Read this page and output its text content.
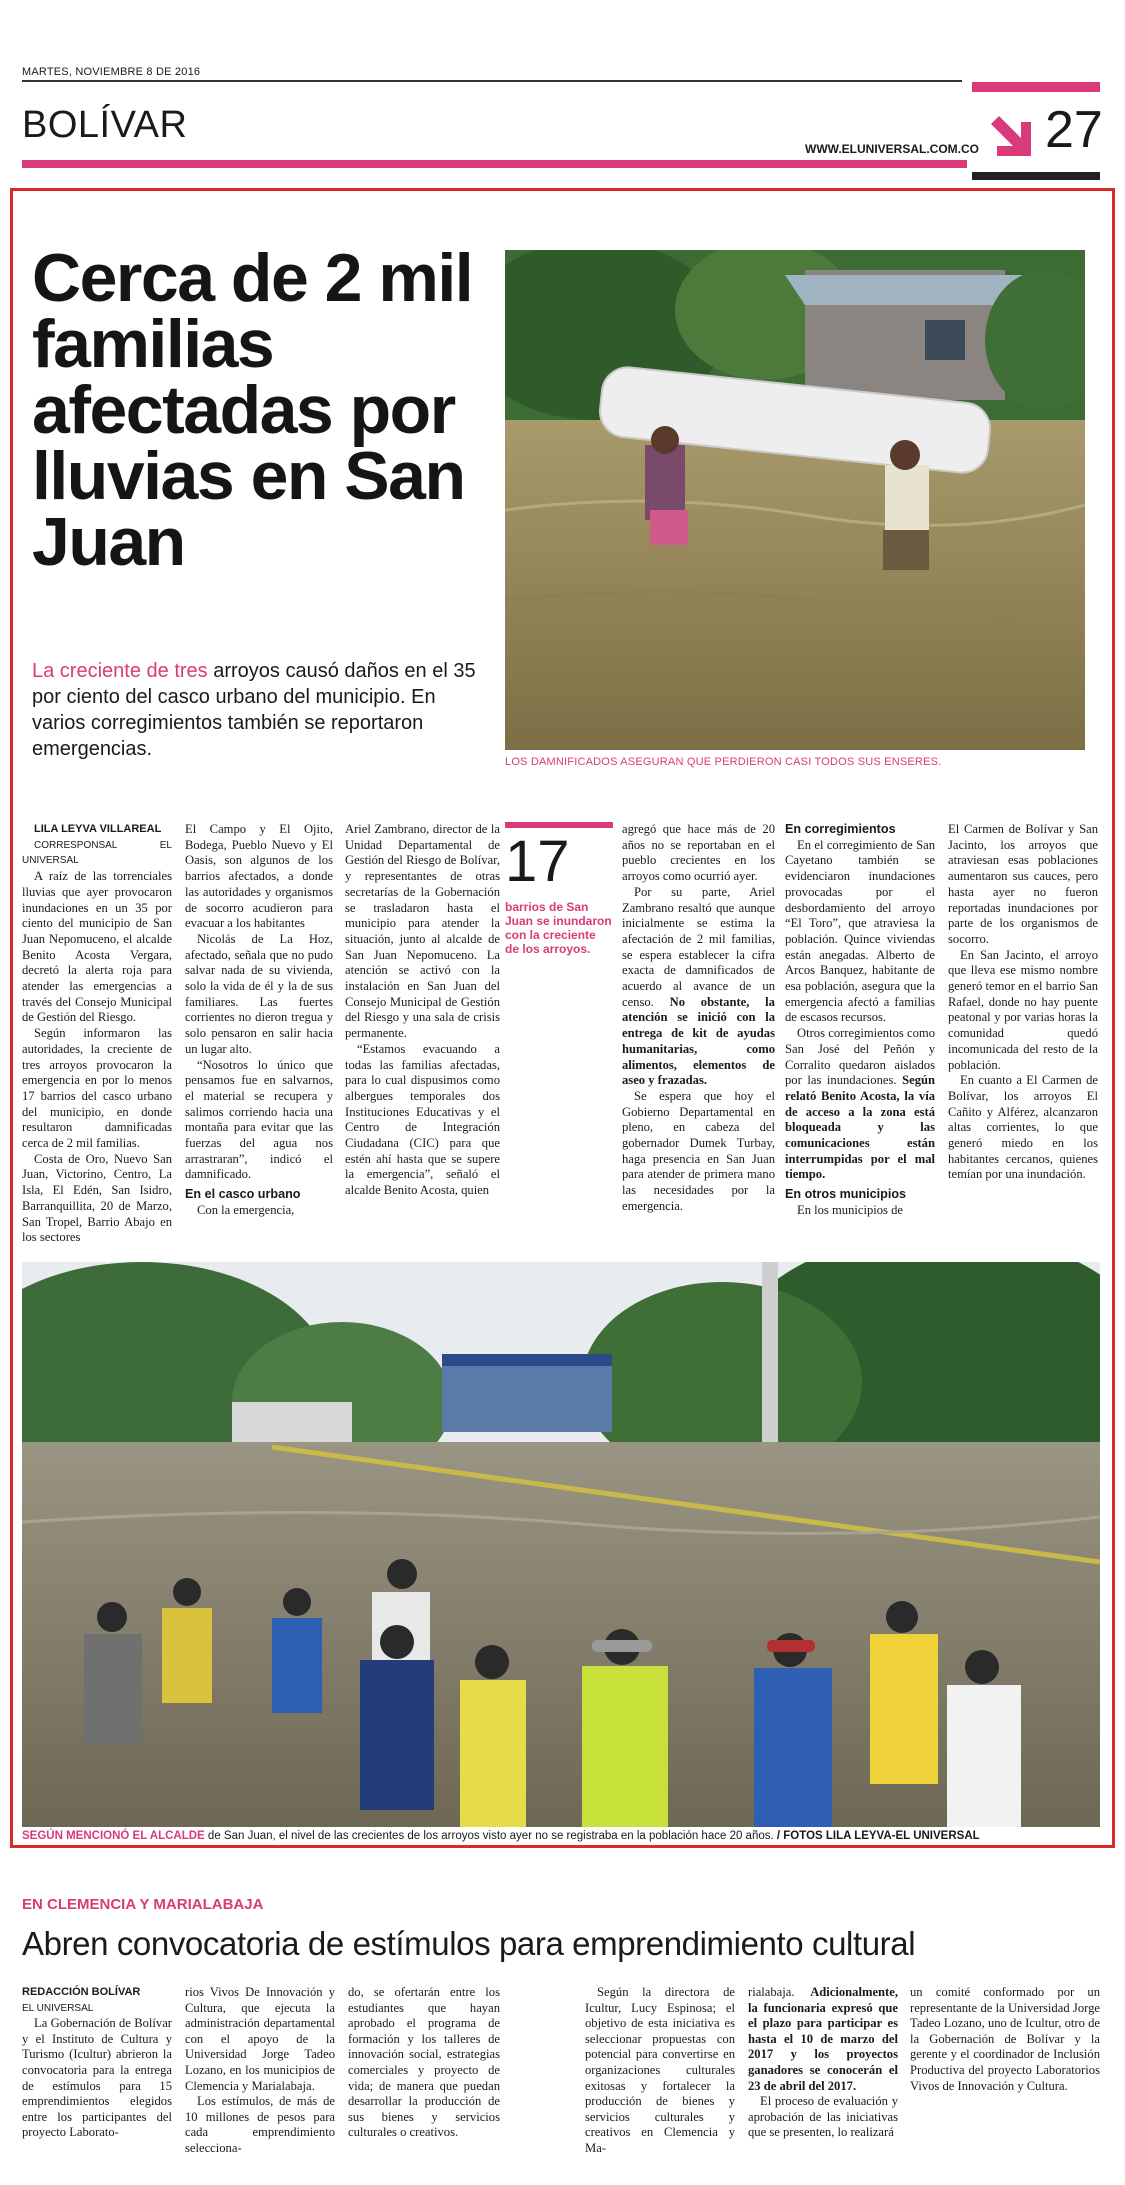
MARTES, NOVIEMBRE 8 DE 2016
BOLÍVAR
WWW.ELUNIVERSAL.COM.CO 27
Cerca de 2 mil familias afectadas por lluvias en San Juan
La creciente de tres arroyos causó daños en el 35 por ciento del casco urbano del municipio. En varios corregimientos también se reportaron emergencias.
LOS DAMNIFICADOS ASEGURAN QUE PERDIERON CASI TODOS SUS ENSERES.

LILA LEYVA VILLAREAL

CORRESPONSAL EL UNIVERSAL

A raíz de las torrenciales lluvias que ayer provocaron inundaciones en un 35 por ciento del municipio de San Juan Nepomuceno, el alcalde Benito Acosta Vergara, decretó la alerta roja para atender las emergencias a través del Consejo Municipal de Gestión del Riesgo.

Según informaron las autoridades, la creciente de tres arroyos provocaron la emergencia en por lo menos 17 barrios del casco urbano del municipio, en donde resultaron damnificadas cerca de 2 mil familias.

Costa de Oro, Nuevo San Juan, Victorino, Centro, La Isla, El Edén, San Isidro, Barranquillita, 20 de Marzo, San Tropel, Barrio Abajo en los sectores

El Campo y El Ojito, Bodega, Pueblo Nuevo y El Oasis, son algunos de los barrios afectados, a donde las autoridades y organismos de socorro acudieron para evacuar a los habitantes

Nicolás de La Hoz, afectado, señala que no pudo salvar nada de su vivienda, solo la vida de él y la de sus familiares. Las fuertes corrientes no dieron tregua y solo pensaron en salir hacia un lugar alto.

“Nosotros lo único que pensamos fue en salvarnos, el material se recupera y salimos corriendo hacia una montaña para evitar que las fuerzas del agua nos arrastraran”, indicó el damnificado.

En el casco urbano

Con la emergencia,

Ariel Zambrano, director de la Unidad Departamental de Gestión del Riesgo de Bolívar, y representantes de otras secretarías de la Gobernación se trasladaron hasta el municipio para atender la situación, junto al alcalde de San Juan Nepomuceno. La atención se activó con la instalación en San Juan del Consejo Municipal de Gestión del Riesgo y una sala de crisis permanente.

“Estamos evacuando a todas las familias afectadas, para lo cual dispusimos como albergues temporales dos Instituciones Educativas y el Centro de Integración Ciudadana (CIC) para que estén ahí hasta que se supere la emergencia”, señaló el alcalde Benito Acosta, quien

17
barrios de San Juan se inundaron con la creciente de los arroyos.

agregó que hace más de 20 años no se reportaban en el pueblo crecientes en los arroyos como ocurrió ayer.

Por su parte, Ariel Zambrano resaltó que aunque inicialmente se estima la afectación de 2 mil familias, se espera establecer la cifra exacta de damnificados de acuerdo al avance de un censo. No obstante, la atención se inició con la entrega de kit de ayudas humanitarias, como alimentos, elementos de aseo y frazadas.

Se espera que hoy el Gobierno Departamental en pleno, en cabeza del gobernador Dumek Turbay, haga presencia en San Juan para atender de primera mano las necesidades por la emergencia.

En corregimientos

En el corregimiento de San Cayetano también se evidenciaron inundaciones provocadas por el desbordamiento del arroyo “El Toro”, que atraviesa la población. Quince viviendas están anegadas. Alberto de Arcos Banquez, habitante de esa población, asegura que la emergencia afectó a familias de escasos recursos.

Otros corregimientos como San José del Peñón y Corralito quedaron aislados por las inundaciones. Según relató Benito Acosta, la vía de acceso a la zona está bloqueada y las comunicaciones están interrumpidas por el mal tiempo.

En otros municipios

En los municipios de

El Carmen de Bolívar y San Jacinto, los arroyos que atraviesan esas poblaciones aumentaron sus cauces, pero hasta ayer no fueron reportadas inundaciones por parte de los organismos de socorro.

En San Jacinto, el arroyo que lleva ese mismo nombre generó temor en el barrio San Rafael, donde no hay puente peatonal y por varias horas la comunidad quedó incomunicada del resto de la población.

En cuanto a El Carmen de Bolívar, los arroyos El Cañito y Alférez, alcanzaron altas corrientes, lo que generó miedo en los habitantes cercanos, quienes temían por una inundación.

SEGÚN MENCIONÓ EL ALCALDE de San Juan, el nivel de las crecientes de los arroyos visto ayer no se registraba en la población hace 20 años. / FOTOS LILA LEYVA-EL UNIVERSAL
EN CLEMENCIA Y MARIALABAJA
Abren convocatoria de estímulos para emprendimiento cultural

REDACCIÓN BOLÍVAR

EL UNIVERSAL

La Gobernación de Bolívar y el Instituto de Cultura y Turismo (Icultur) abrieron la convocatoria para la entrega de estímulos para 15 emprendimientos elegidos entre los participantes del proyecto Laborato-

rios Vivos De Innovación y Cultura, que ejecuta la administración departamental con el apoyo de la Universidad Jorge Tadeo Lozano, en los municipios de Clemencia y Marialabaja.

Los estímulos, de más de 10 millones de pesos para cada emprendimiento selecciona-

do, se ofertarán entre los estudiantes que hayan aprobado el programa de formación y los talleres de innovación social, estrategias comerciales y proyecto de vida; de manera que puedan desarrollar la producción de sus bienes y servicios culturales o creativos.

Según la directora de Icultur, Lucy Espinosa; el objetivo de esta iniciativa es seleccionar propuestas con potencial para convertirse en organizaciones culturales exitosas y fortalecer la producción de bienes y servicios culturales y creativos en Clemencia y Ma-

rialabaja. Adicionalmente, la funcionaria expresó que el plazo para participar es hasta el 10 de marzo del 2017 y los proyectos ganadores se conocerán el 23 de abril del 2017.

El proceso de evaluación y aprobación de las iniciativas que se presenten, lo realizará

un comité conformado por un representante de la Universidad Jorge Tadeo Lozano, uno de Icultur, otro de la Gobernación de Bolívar y la gerente y el coordinador de Inclusión Productiva del proyecto Laboratorios Vivos de Innovación y Cultura.
